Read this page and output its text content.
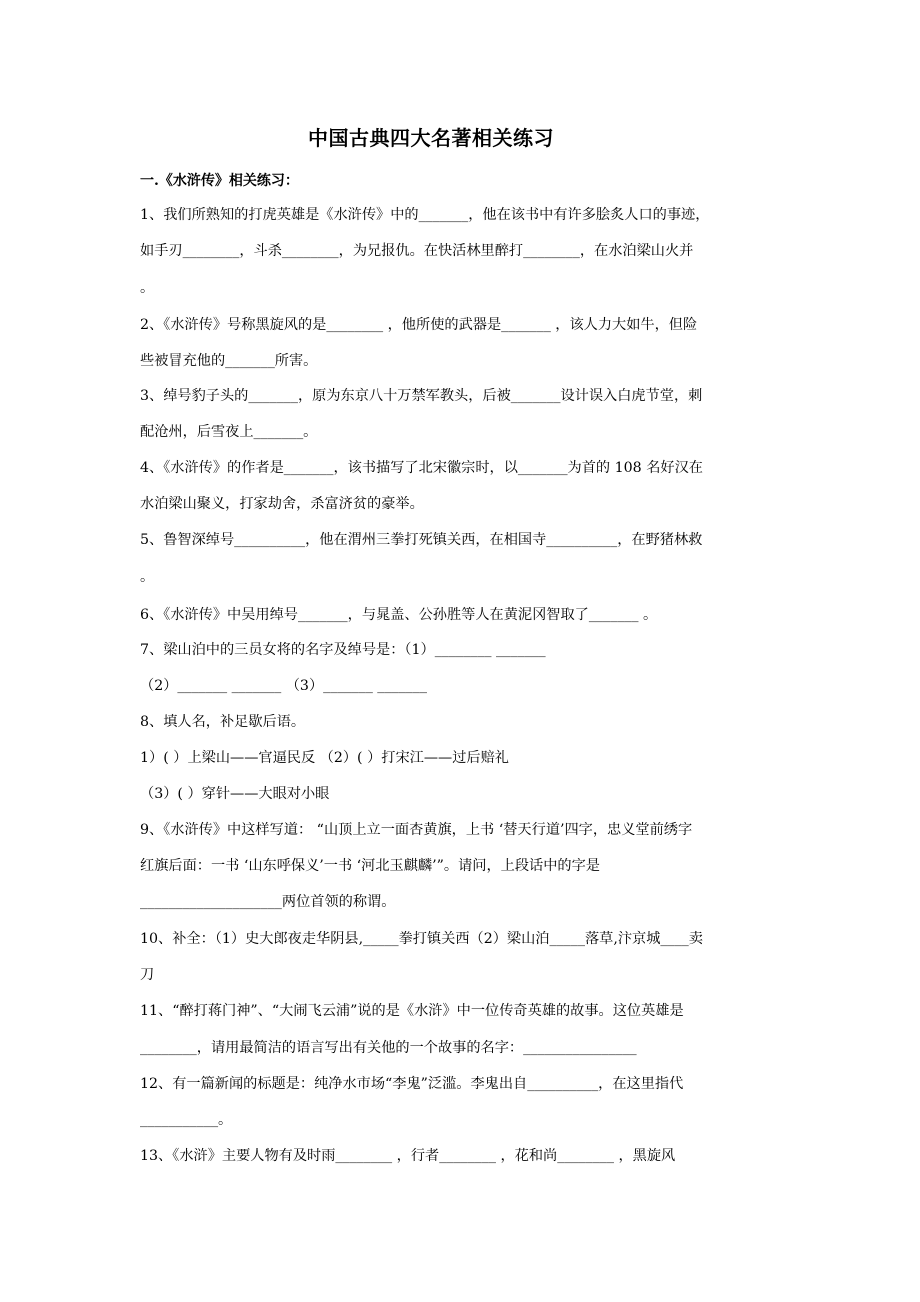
中国古典四大名著相关练习
一.《水浒传》相关练习：
1、我们所熟知的打虎英雄是《水浒传》中的_______，他在该书中有许多脍炙人口的事迹，
如手刃________，斗杀________，为兄报仇。在快活林里醉打________，在水泊梁山火并
。
2、《水浒传》号称黑旋风的是________ ，他所使的武器是_______ ，该人力大如牛，但险
些被冒充他的_______所害。
3、绰号豹子头的_______，原为东京八十万禁军教头，后被_______设计误入白虎节堂，刺
配沧州，后雪夜上_______。
4、《水浒传》的作者是_______，该书描写了北宋徽宗时，以_______为首的 108 名好汉在
水泊梁山聚义，打家劫舍，杀富济贫的豪举。
5、鲁智深绰号__________，他在渭州三拳打死镇关西，在相国寺__________，在野猪林救
。
6、《水浒传》中吴用绰号_______，与晁盖、公孙胜等人在黄泥冈智取了_______ 。
7、梁山泊中的三员女将的名字及绰号是：（1）________ _______
（2）_______ _______ （3）_______ _______
8、填人名，补足歇后语。
1）( ）上梁山——官逼民反 （2）( ）打宋江——过后赔礼
（3）( ）穿针——大眼对小眼
9、《水浒传》中这样写道： “山顶上立一面杏黄旗，上书 ‘替天行道’四字，忠义堂前绣字
红旗后面：一书 ‘山东呼保义’一书 ‘河北玉麒麟’”。请问，上段话中的字是
____________________两位首领的称谓。
10、补全：（1）史大郎夜走华阴县,_____拳打镇关西（2）梁山泊_____落草,汴京城____卖
刀
11、“醉打蒋门神”、“大闹飞云浦”说的是《水浒》中一位传奇英雄的故事。这位英雄是
________，请用最简洁的语言写出有关他的一个故事的名字：________________
12、有一篇新闻的标题是：纯净水市场“李鬼”泛滥。李鬼出自__________，在这里指代
___________。
13、《水浒》主要人物有及时雨________ ，行者________ ，花和尚________ ，黑旋风
